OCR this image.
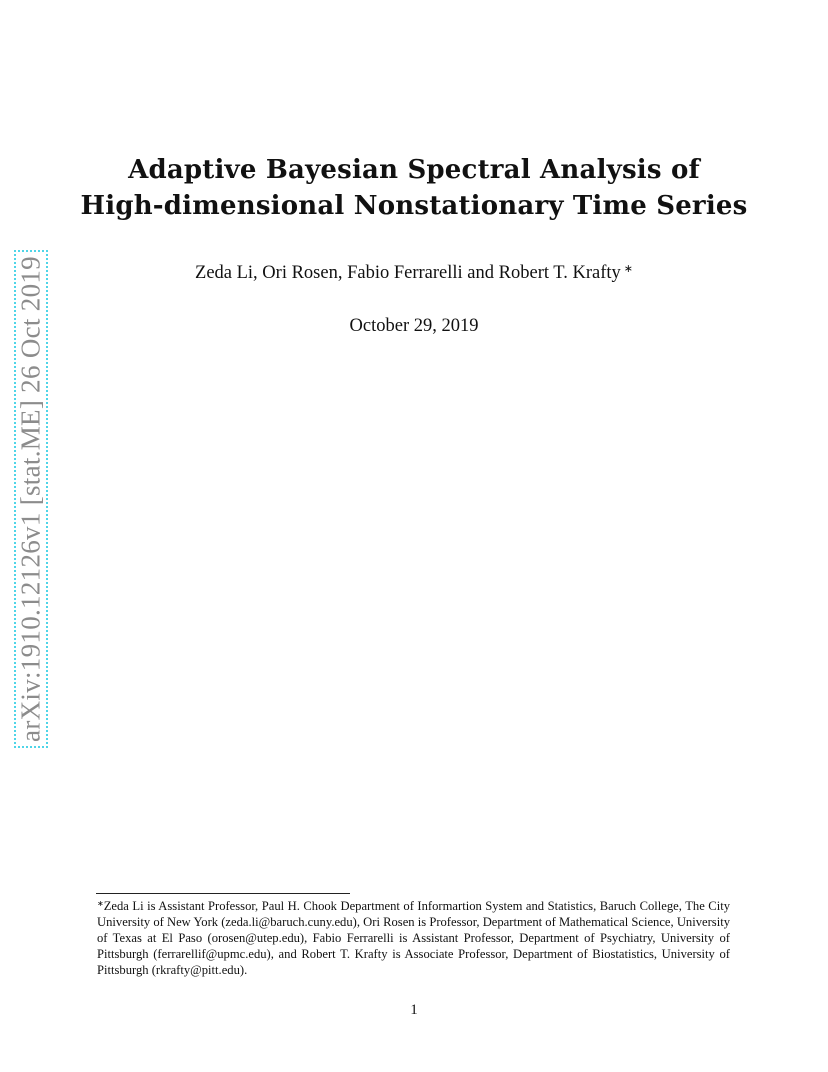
arXiv:1910.12126v1 [stat.ME] 26 Oct 2019
Adaptive Bayesian Spectral Analysis of
High-dimensional Nonstationary Time Series
Zeda Li, Ori Rosen, Fabio Ferrarelli and Robert T. Krafty ∗
October 29, 2019
∗Zeda Li is Assistant Professor, Paul H. Chook Department of Informartion System and Statistics, Baruch College, The City University of New York (zeda.li@baruch.cuny.edu), Ori Rosen is Professor, Department of Mathematical Science, University of Texas at El Paso (orosen@utep.edu), Fabio Ferrarelli is Assistant Professor, Department of Psychiatry, University of Pittsburgh (ferrarellif@upmc.edu), and Robert T. Krafty is Associate Professor, Department of Biostatistics, University of Pittsburgh (rkrafty@pitt.edu).
1
